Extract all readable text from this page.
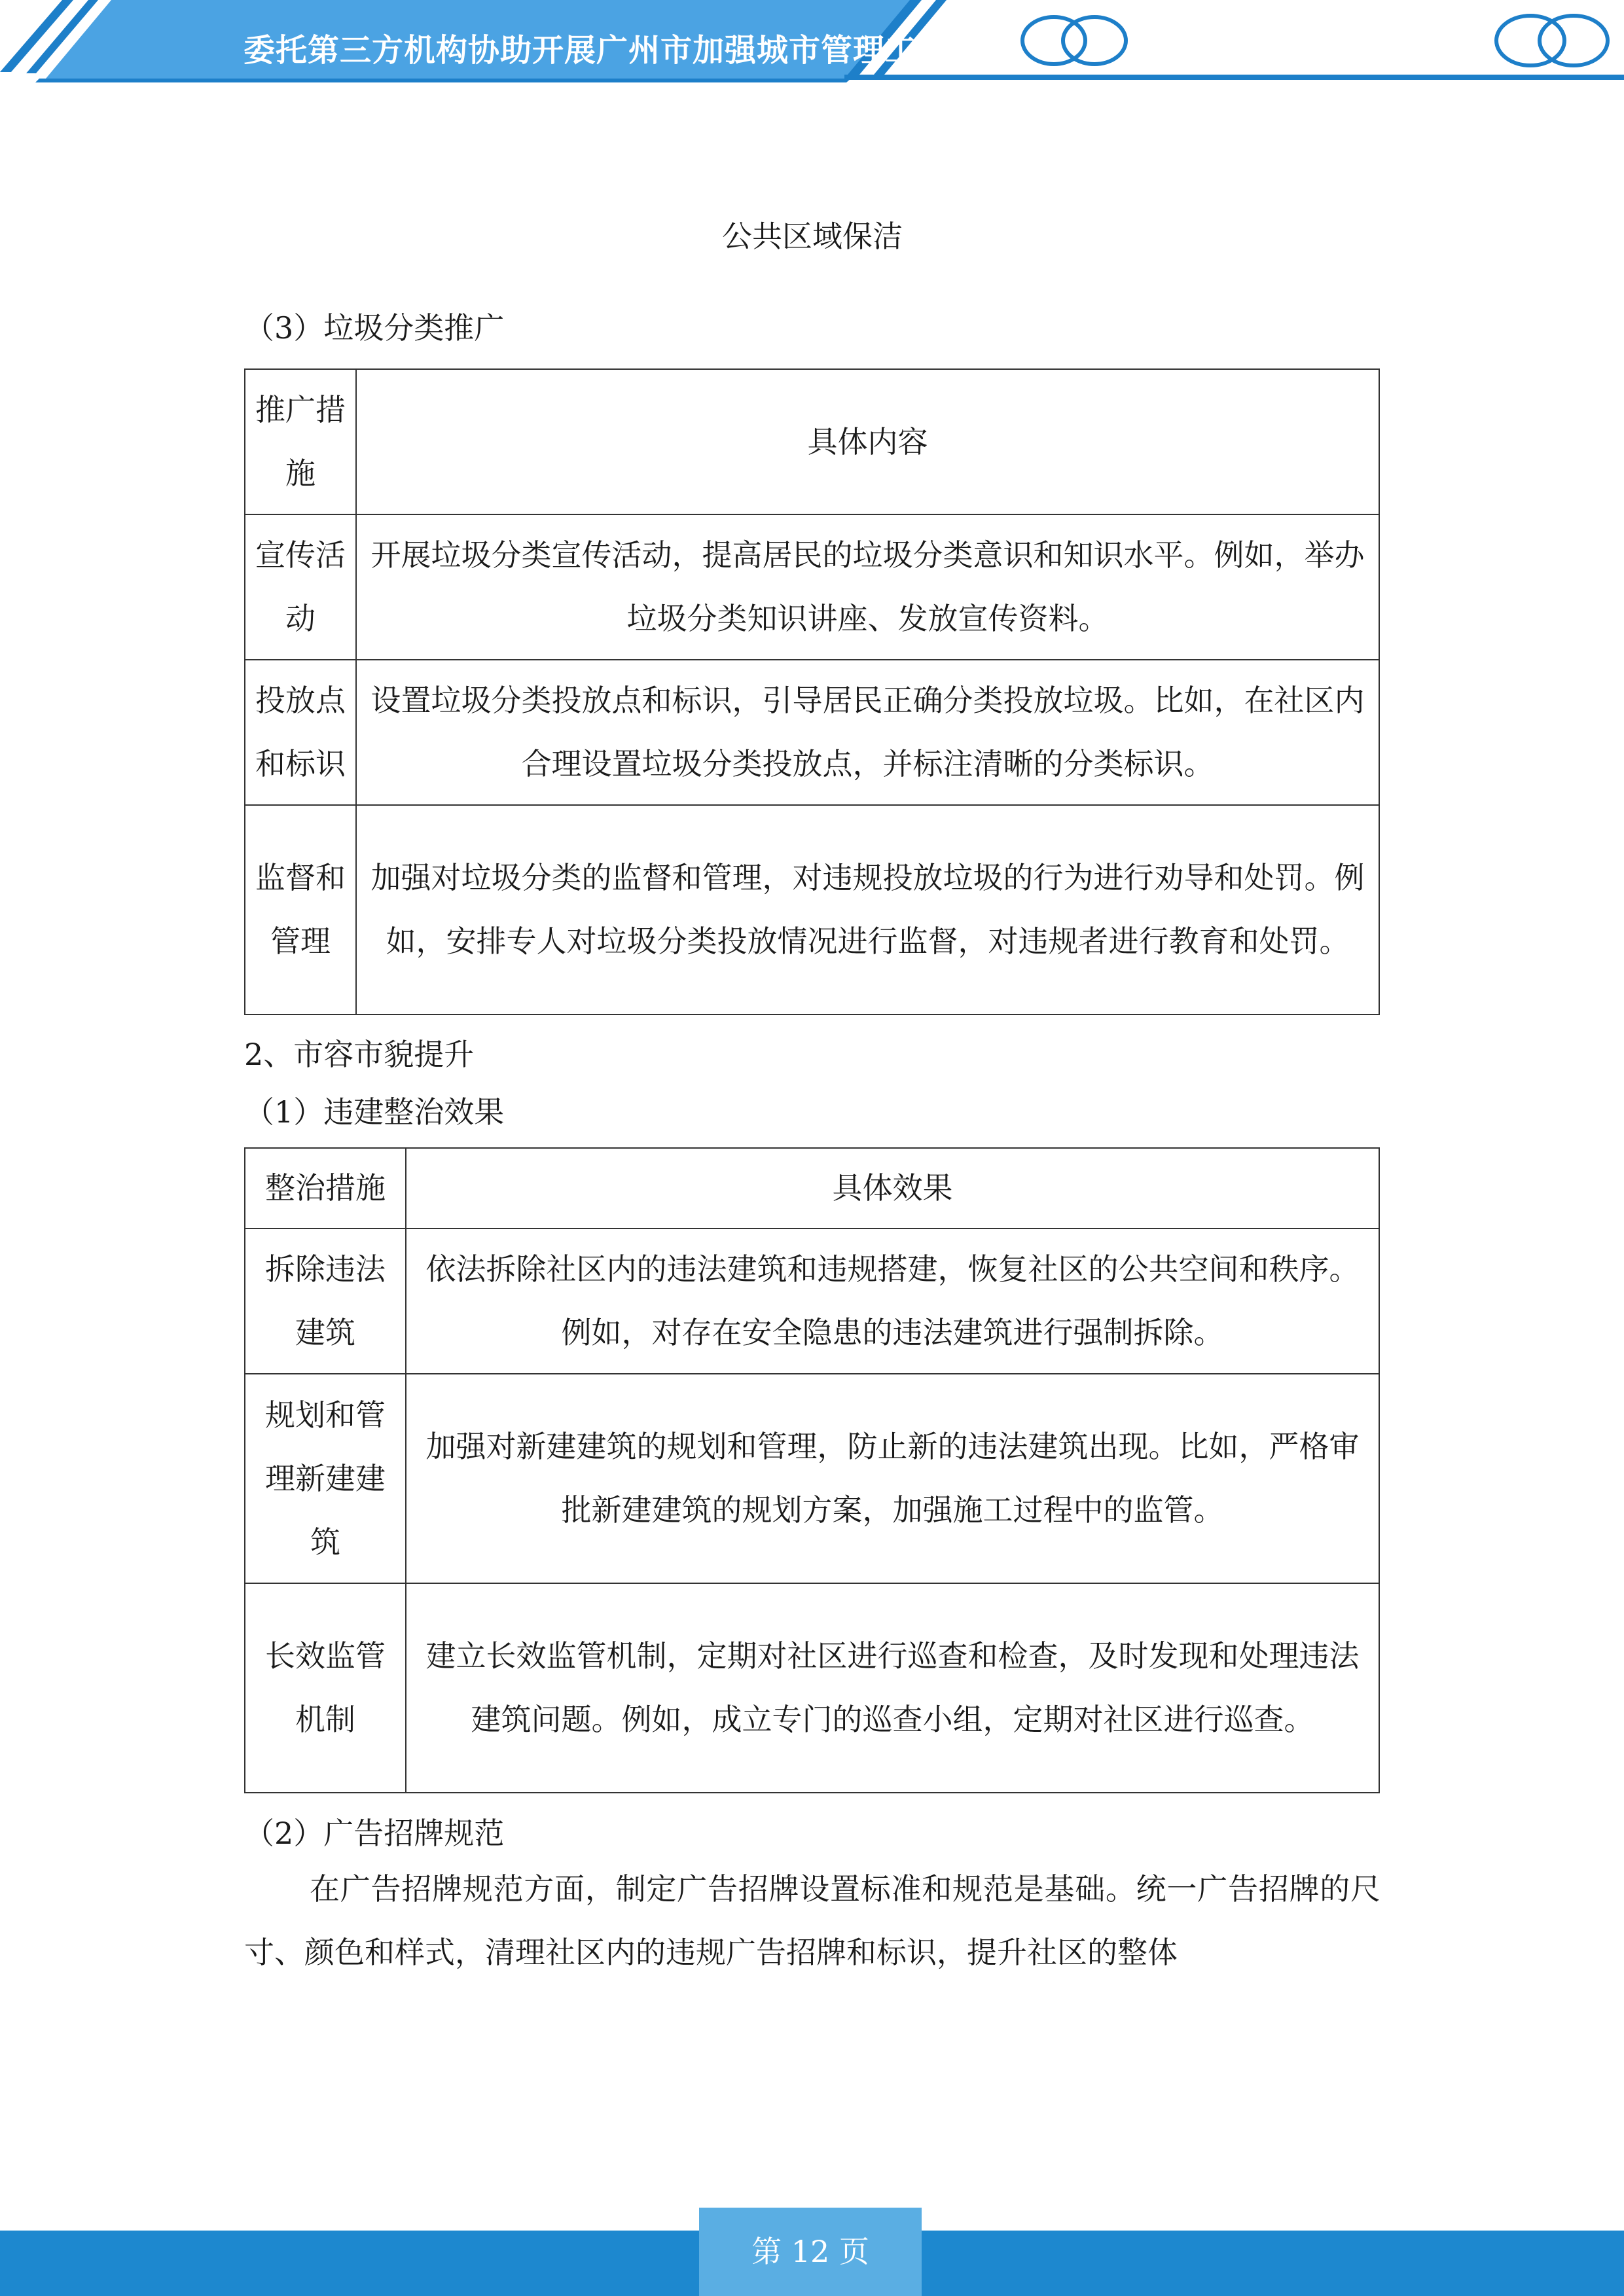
委托第三方机构协助开展广州市加强城市管理工作
公共区域保洁
（3）垃圾分类推广
推广措施	具体内容
宣传活动	开展垃圾分类宣传活动，提高居民的垃圾分类意识和知识水平。例如，举办垃圾分类知识讲座、发放宣传资料。
投放点和标识	设置垃圾分类投放点和标识，引导居民正确分类投放垃圾。比如，在社区内合理设置垃圾分类投放点，并标注清晰的分类标识。
监督和管理	加强对垃圾分类的监督和管理，对违规投放垃圾的行为进行劝导和处罚。例如，安排专人对垃圾分类投放情况进行监督，对违规者进行教育和处罚。
2、市容市貌提升
（1）违建整治效果
整治措施	具体效果
拆除违法建筑	依法拆除社区内的违法建筑和违规搭建，恢复社区的公共空间和秩序。例如，对存在安全隐患的违法建筑进行强制拆除。
规划和管理新建建筑	加强对新建建筑的规划和管理，防止新的违法建筑出现。比如，严格审批新建建筑的规划方案，加强施工过程中的监管。
长效监管机制	建立长效监管机制，定期对社区进行巡查和检查，及时发现和处理违法建筑问题。例如，成立专门的巡查小组，定期对社区进行巡查。
（2）广告招牌规范
在广告招牌规范方面，制定广告招牌设置标准和规范是基础。统一广告招牌的尺寸、颜色和样式，清理社区内的违规广告招牌和标识，提升社区的整体
第 12 页
